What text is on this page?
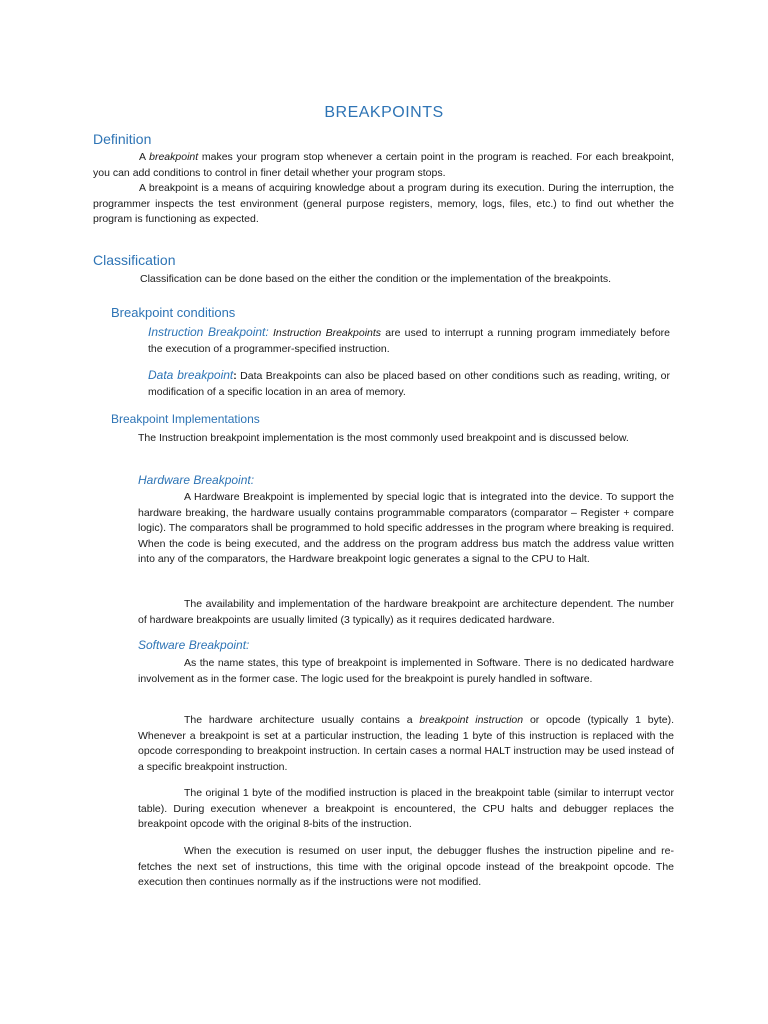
BREAKPOINTS
Definition
A breakpoint makes your program stop whenever a certain point in the program is reached. For each breakpoint, you can add conditions to control in finer detail whether your program stops.
A breakpoint is a means of acquiring knowledge about a program during its execution. During the interruption, the programmer inspects the test environment (general purpose registers, memory, logs, files, etc.) to find out whether the program is functioning as expected.
Classification
Classification can be done based on the either the condition or the implementation of the breakpoints.
Breakpoint conditions
Instruction Breakpoint: Instruction Breakpoints are used to interrupt a running program immediately before the execution of a programmer-specified instruction.
Data breakpoint: Data Breakpoints can also be placed based on other conditions such as reading, writing, or modification of a specific location in an area of memory.
Breakpoint Implementations
The Instruction breakpoint implementation is the most commonly used breakpoint and is discussed below.
Hardware Breakpoint:
A Hardware Breakpoint is implemented by special logic that is integrated into the device. To support the hardware breaking, the hardware usually contains programmable comparators (comparator – Register + compare logic). The comparators shall be programmed to hold specific addresses in the program where breaking is required. When the code is being executed, and the address on the program address bus match the address value written into any of the comparators, the Hardware breakpoint logic generates a signal to the CPU to Halt.
The availability and implementation of the hardware breakpoint are architecture dependent. The number of hardware breakpoints are usually limited (3 typically) as it requires dedicated hardware.
Software Breakpoint:
As the name states, this type of breakpoint is implemented in Software. There is no dedicated hardware involvement as in the former case. The logic used for the breakpoint is purely handled in software.
The hardware architecture usually contains a breakpoint instruction or opcode (typically 1 byte). Whenever a breakpoint is set at a particular instruction, the leading 1 byte of this instruction is replaced with the opcode corresponding to breakpoint instruction. In certain cases a normal HALT instruction may be used instead of a specific breakpoint instruction.
The original 1 byte of the modified instruction is placed in the breakpoint table (similar to interrupt vector table). During execution whenever a breakpoint is encountered, the CPU halts and debugger replaces the breakpoint opcode with the original 8-bits of the instruction.
When the execution is resumed on user input, the debugger flushes the instruction pipeline and re-fetches the next set of instructions, this time with the original opcode instead of the breakpoint opcode. The execution then continues normally as if the instructions were not modified.
